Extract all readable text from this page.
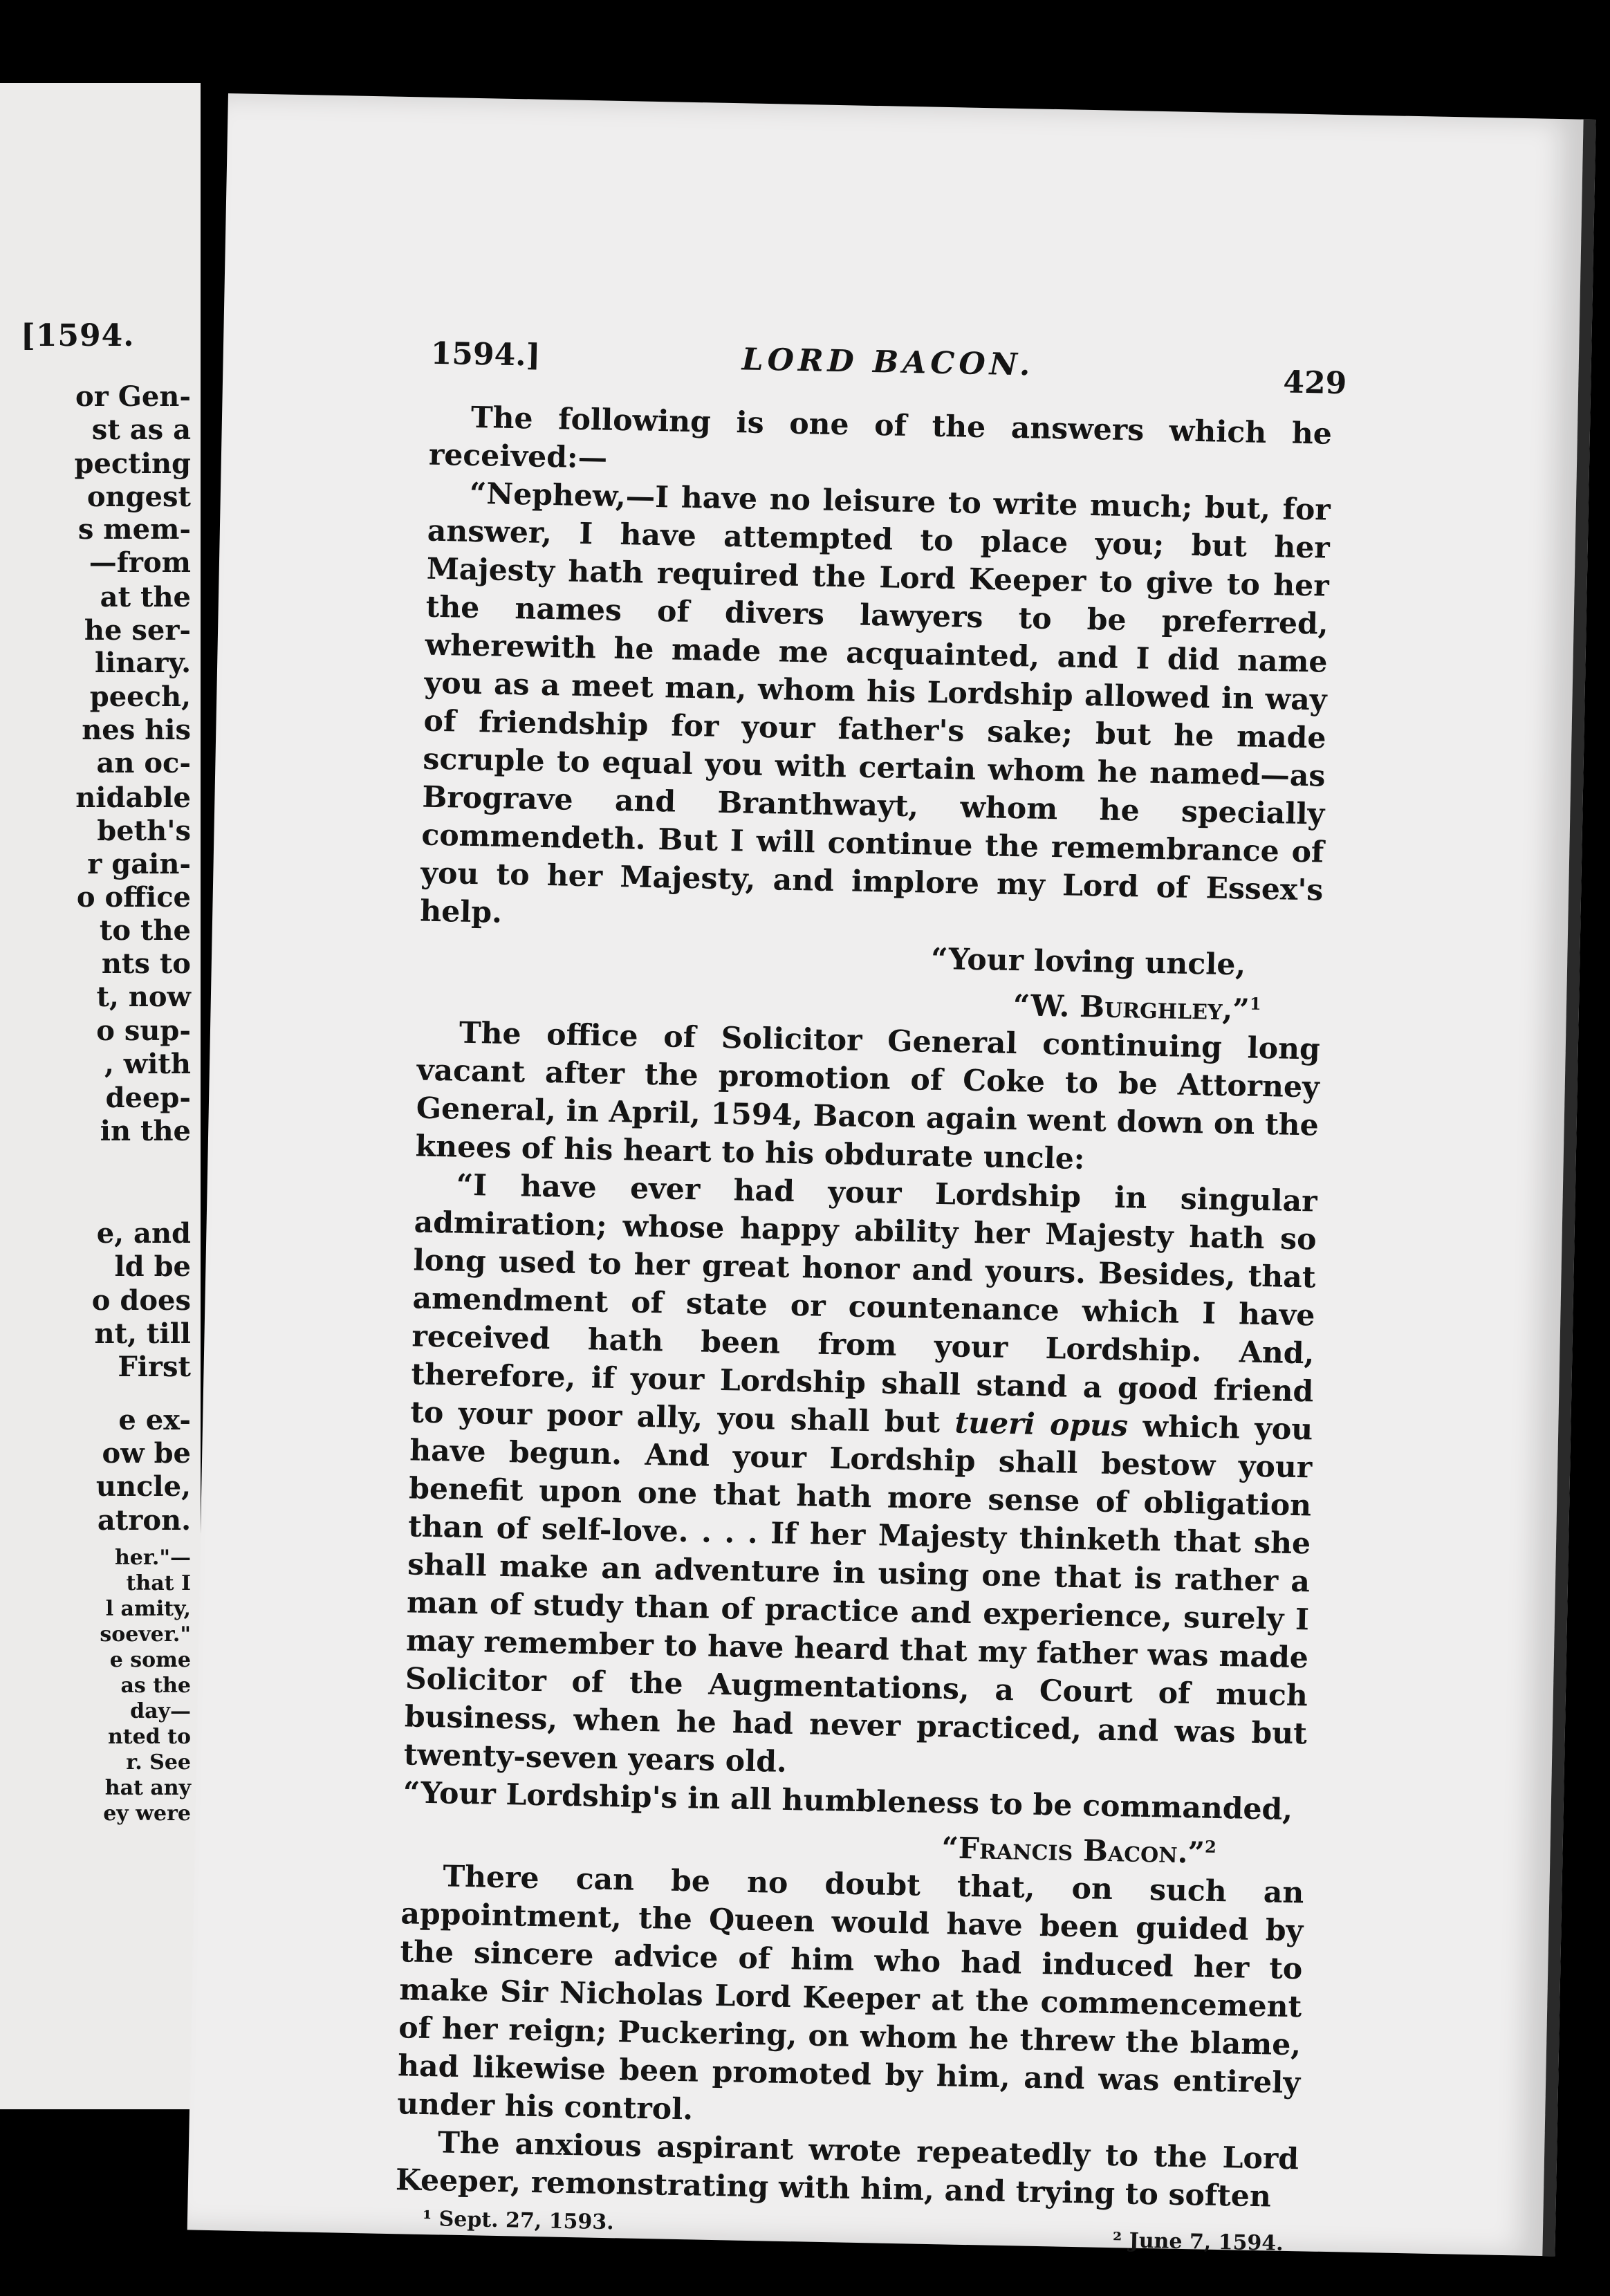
[1594.
or Gen-
st as a
pecting
ongest
s mem-
—from
at the
he ser-
linary.
peech,
nes his
an oc-
nidable
beth's
r gain-
o office
to the
nts to
t, now
o sup-
, with
deep-
in the
e, and
ld be
o does
nt, till
First
e ex-
ow be
uncle,
atron.
her."—
that I
l amity,
soever."
e some
as the
day—
nted to
r. See
hat any
ey were
1594.]	LORD BACON.
429

The following is one of the answers which he received:—

“Nephew,—I have no leisure to write much; but, for answer, I have attempted to place you; but her Majesty hath required the Lord Keeper to give to her the names of divers lawyers to be preferred, wherewith he made me acquainted, and I did name you as a meet man, whom his Lordship allowed in way of friendship for your father's sake; but he made scruple to equal you with certain whom he named—as Brograve and Branthwayt, whom he specially commendeth. But I will continue the remembrance of you to her Majesty, and implore my Lord of Essex's help.

“Your loving uncle,

“W. Burghley,”$^1$

The office of Solicitor General continuing long vacant after the promotion of Coke to be Attorney General, in April, 1594, Bacon again went down on the knees of his heart to his obdurate uncle:

“I have ever had your Lordship in singular admiration; whose happy ability her Majesty hath so long used to her great honor and yours. Besides, that amendment of state or countenance which I have received hath been from your Lordship. And, therefore, if your Lordship shall stand a good friend to your poor ally, you shall but tueri opus which you have begun. And your Lordship shall bestow your benefit upon one that hath more sense of obligation than of self-love. . . . If her Majesty thinketh that she shall make an adventure in using one that is rather a man of study than of practice and experience, surely I may remember to have heard that my father was made Solicitor of the Augmentations, a Court of much business, when he had never practiced, and was but twenty-seven years old.

“Your Lordship's in all humbleness to be commanded,

“Francis Bacon.”$^2$

There can be no doubt that, on such an appointment, the Queen would have been guided by the sincere advice of him who had induced her to make Sir Nicholas Lord Keeper at the commencement of her reign; Puckering, on whom he threw the blame, had likewise been promoted by him, and was entirely under his control.

The anxious aspirant wrote repeatedly to the Lord Keeper, remonstrating with him, and trying to soften

¹ Sept. 27, 1593.
² June 7, 1594.
